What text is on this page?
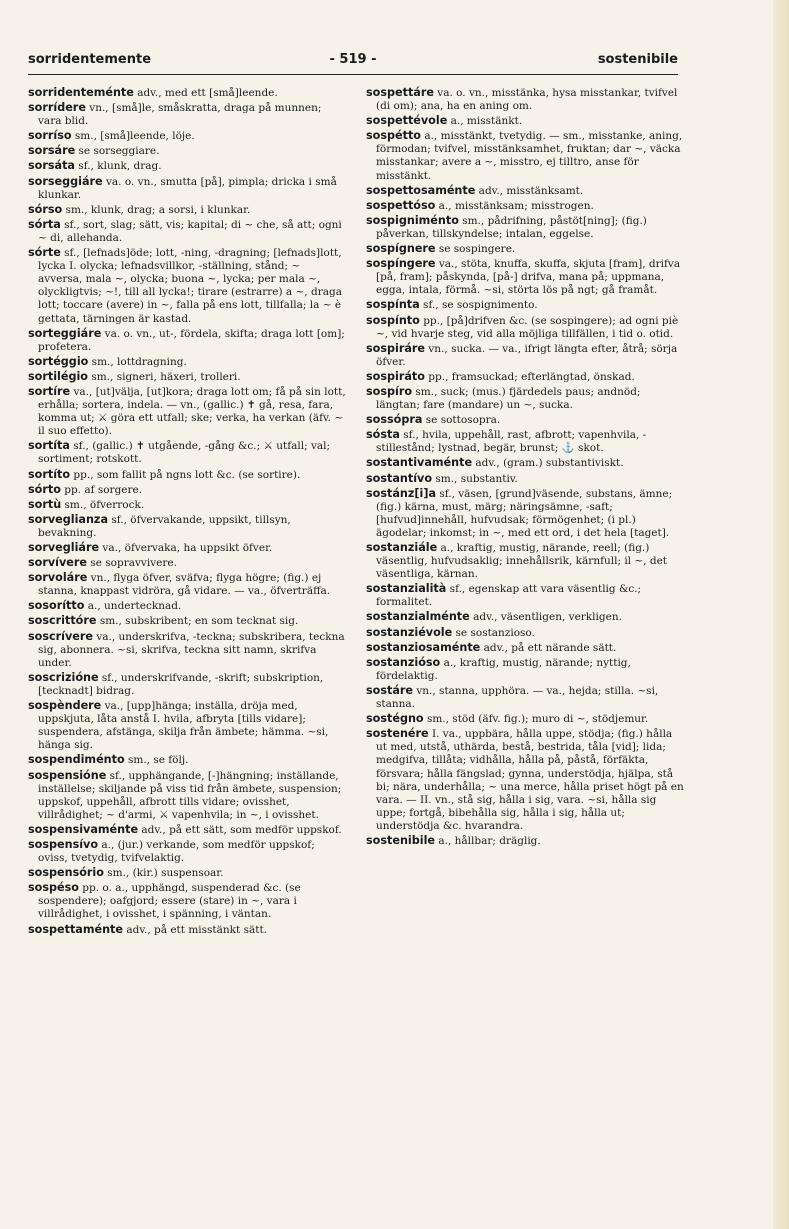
sorridentemente	- 519 -	sostenibile
sorridenteménte adv., med ett [små]leende.
sorrídere vn., [små]le, småskratta, draga på munnen; vara blid.
sorríso sm., [små]leende, löje.
sorsáre se sorseggiare.
sorsáta sf., klunk, drag.
sorseggiáre va. o. vn., smutta [på], pimpla; dricka i små klunkar.
sórso sm., klunk, drag; a sorsi, i klunkar.
sórta sf., sort, slag; sätt, vis; kapital; di ~ che, så att; ogni ~ di, allehanda.
sórte sf., [lefnads]öde; lott, -ning, -dragning; [lefnads]lott, lycka I. olycka; lefnadsvillkor, -ställning, stånd; ~ avversa, mala ~, olycka; buona ~, lycka; per mala ~, olyckligtvis; ~!, till all lycka!; tirare (estrarre) a ~, draga lott; toccare (avere) in ~, falla på ens lott, tillfalla; la ~ è gettata, tärningen är kastad.
sorteggiáre va. o. vn., ut-, fördela, skifta; draga lott [om]; profetera.
sortéggio sm., lottdragning.
sortilégio sm., signeri, häxeri, trolleri.
sortíre va., [ut]välja, [ut]kora; draga lott om; få på sin lott, erhålla; sortera, indela. — vn., (gallic.) ✝ gå, resa, fara, komma ut; ⚔ göra ett utfall; ske; verka, ha verkan (äfv. ~ il suo effetto).
sortíta sf., (gallic.) ✝ utgående, -gång &c.; ⚔ utfall; val; sortiment; rotskott.
sortíto pp., som fallit på ngns lott &c. (se sortire).
sórto pp. af sorgere.
sortù sm., öfverrock.
sorveglianza sf., öfvervakande, uppsikt, tillsyn, bevakning.
sorvegliáre va., öfvervaka, ha uppsikt öfver.
sorvívere se sopravvivere.
sorvoláre vn., flyga öfver, sväfva; flyga högre; (fig.) ej stanna, knappast vidröra, gå vidare. — va., öfverträffa.
sosorítto a., undertecknad.
soscrittóre sm., subskribent; en som tecknat sig.
soscrívere va., underskrifva, -teckna; subskribera, teckna sig, abonnera. ~si, skrifva, teckna sitt namn, skrifva under.
soscrizióne sf., underskrifvande, -skrift; subskription, [tecknadt] bidrag.
sospèndere va., [upp]hänga; inställa, dröja med, uppskjuta, låta anstå I. hvila, afbryta [tills vidare]; suspendera, afstänga, skilja från ämbete; hämma. ~si, hänga sig.
sospendiménto sm., se följ.
sospensióne sf., upphängande, [-]hängning; inställande, inställelse; skiljande på viss tid från ämbete, suspension; uppskof, uppehåll, afbrott tills vidare; ovisshet, villrådighet; ~ d'armi, ⚔ vapenhvila; in ~, i ovisshet.
sospensivaménte adv., på ett sätt, som medför uppskof.
sospensívo a., (jur.) verkande, som medför uppskof; oviss, tvetydig, tvifvelaktig.
sospensório sm., (kir.) suspensoar.
sospéso pp. o. a., upphängd, suspenderad &c. (se sospendere); oafgjord; essere (stare) in ~, vara i villrådighet, i ovisshet, i spänning, i väntan.
sospettaménte adv., på ett misstänkt sätt.
sospettáre va. o. vn., misstänka, hysa misstankar, tvifvel (di om); ana, ha en aning om.
sospettévole a., misstänkt.
sospétto a., misstänkt, tvetydig. — sm., misstanke, aning, förmodan; tvifvel, misstänksamhet, fruktan; dar ~, väcka misstankar; avere a ~, misstro, ej tilltro, anse för misstänkt.
sospettosaménte adv., misstänksamt.
sospettóso a., misstänksam; misstrogen.
sospigniménto sm., pådrifning, påstöt[ning]; (fig.) påverkan, tillskyndelse; intalan, eggelse.
sospígnere se sospingere.
sospíngere va., stöta, knuffa, skuffa, skjuta [fram], drifva [på, fram]; påskynda, [på-] drifva, mana på; uppmana, egga, intala, förmå. ~si, störta lös på ngt; gå framåt.
sospínta sf., se sospignimento.
sospínto pp., [på]drifven &c. (se sospingere); ad ogni piè ~, vid hvarje steg, vid alla möjliga tillfällen, i tid o. otid.
sospiráre vn., sucka. — va., ifrigt längta efter, åtrå; sörja öfver.
sospiráto pp., framsuckad; efterlängtad, önskad.
sospíro sm., suck; (mus.) fjärdedels paus; andnöd; längtan; fare (mandare) un ~, sucka.
sossópra se sottosopra.
sósta sf., hvila, uppehåll, rast, afbrott; vapenhvila, -stillestånd; lystnad, begär, brunst; ⚓ skot.
sostantivaménte adv., (gram.) substantiviskt.
sostantívo sm., substantiv.
sostánz[i]a sf., väsen, [grund]väsende, substans, ämne; (fig.) kärna, must, märg; näringsämne, -saft; [hufvud]innehåll, hufvudsak; förmögenhet; (i pl.) ägodelar; inkomst; in ~, med ett ord, i det hela [taget].
sostanziále a., kraftig, mustig, närande, reell; (fig.) väsentlig, hufvudsaklig; innehållsrik, kärnfull; il ~, det väsentliga, kärnan.
sostanzialità sf., egenskap att vara väsentlig &c.; formalitet.
sostanzialménte adv., väsentligen, verkligen.
sostanziévole se sostanzioso.
sostanziosaménte adv., på ett närande sätt.
sostanzióso a., kraftig, mustig, närande; nyttig, fördelaktig.
sostáre vn., stanna, upphöra. — va., hejda; stilla. ~si, stanna.
sostégno sm., stöd (äfv. fig.); muro di ~, stödjemur.
sostenére I. va., uppbära, hålla uppe, stödja; (fig.) hålla ut med, utstå, uthärda, bestå, bestrida, tåla [vid]; lida; medgifva, tillåta; vidhålla, hålla på, påstå, förfäkta, försvara; hålla fängslad; gynna, understödja, hjälpa, stå bi; nära, underhålla; ~ una merce, hålla priset högt på en vara. — II. vn., stå sig, hålla i sig, vara. ~si, hålla sig uppe; fortgå, bibehålla sig, hålla i sig, hålla ut; understödja &c. hvarandra.
sostenibile a., hållbar; dräglig.
